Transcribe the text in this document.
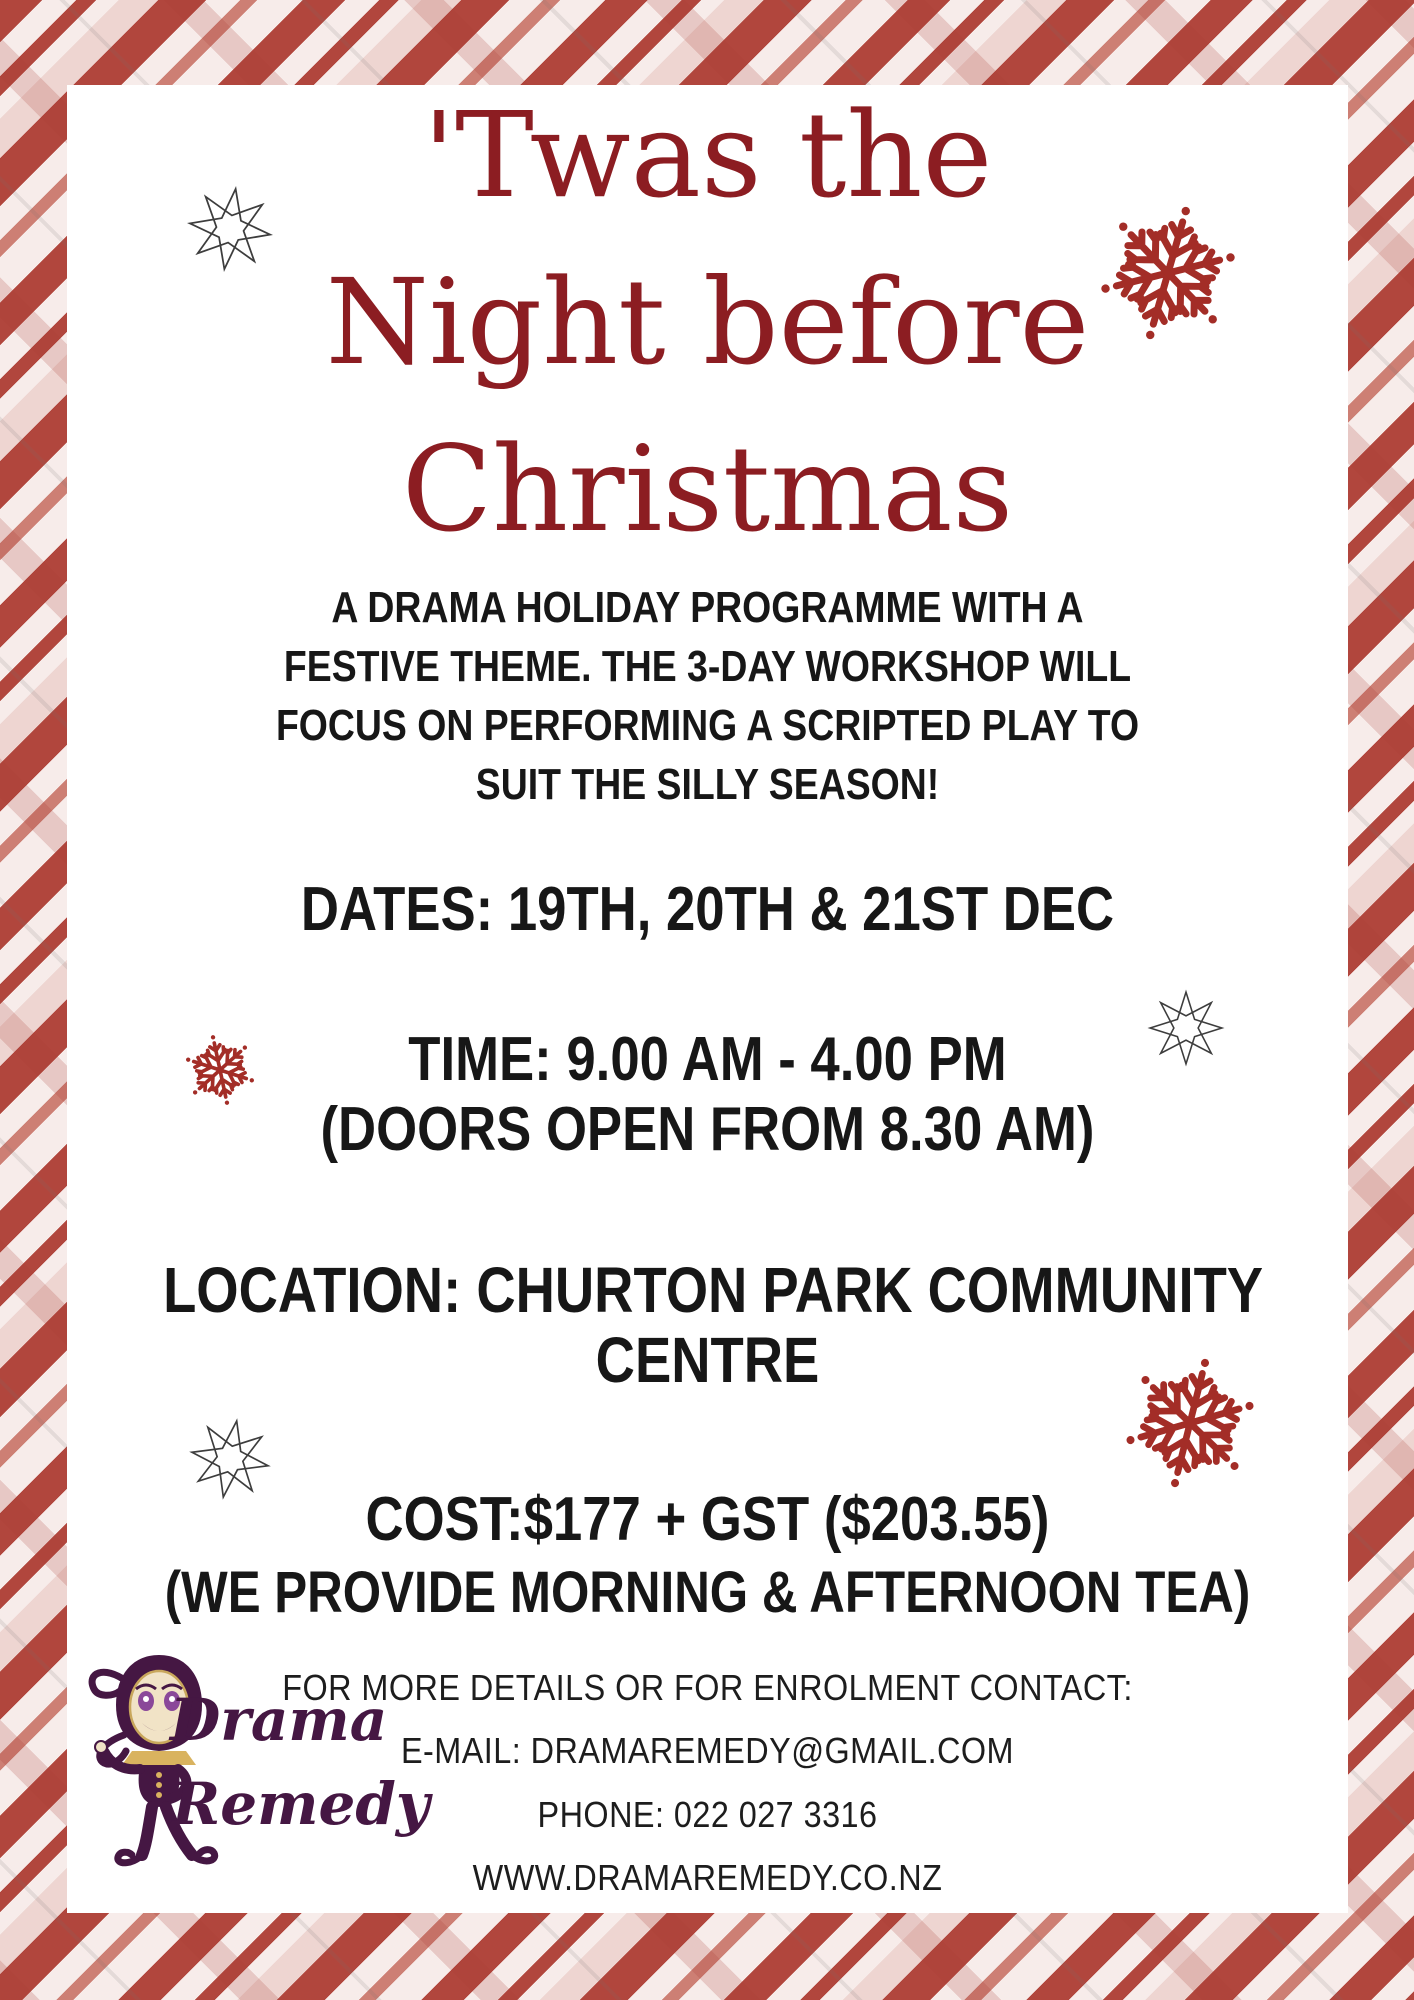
'Twas the
Night before
Christmas
A DRAMA HOLIDAY PROGRAMME WITH A
FESTIVE THEME. THE 3-DAY WORKSHOP WILL
FOCUS ON PERFORMING A SCRIPTED PLAY TO
SUIT THE SILLY SEASON!
DATES: 19TH, 20TH & 21ST DEC
TIME: 9.00 AM - 4.00 PM
(DOORS OPEN FROM 8.30 AM)
LOCATION: CHURTON PARK COMMUNITY
CENTRE
COST:$177 + GST ($203.55)
(WE PROVIDE MORNING & AFTERNOON TEA)
FOR MORE DETAILS OR FOR ENROLMENT CONTACT:
E-MAIL: DRAMAREMEDY@GMAIL.COM
PHONE: 022 027 3316
WWW.DRAMAREMEDY.CO.NZ
Drama
Remedy
